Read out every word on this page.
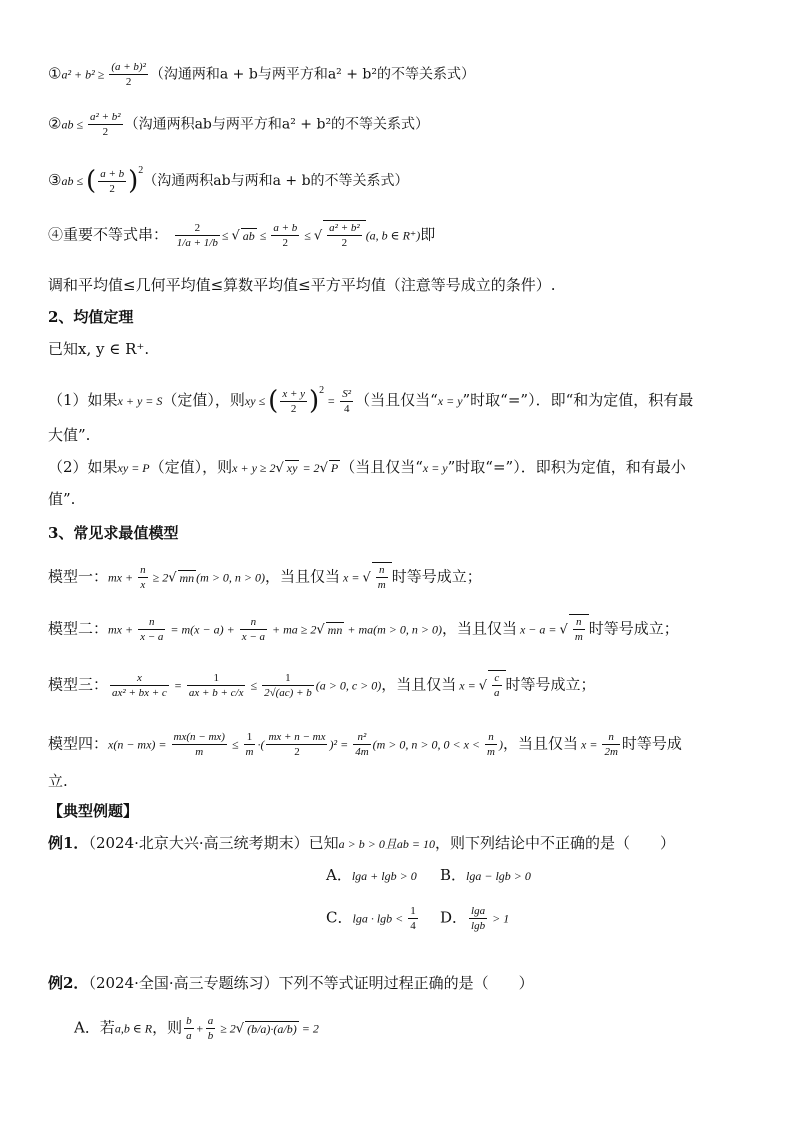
①a² + $b^2 \ge \frac{\text{(a + b)²}}{2}$ （沟通两和a + b与两平方和a² + b²的不等关系式）
②ab ≤ $\frac{\text{a² + b²}}{2}$ （沟通两积ab与两平方和a² + b²的不等关系式）
③ab ≤ ( $\frac{a + b}{2} )^2$（沟通两积ab与两和a + b的不等关系式）
④重要不等式串： $\frac{2}{1/a + 1/b}$ ≤ √ ab ≤ $\frac{a + b}{2}$ ≤ √ $\frac{\text{a² + b²}}{2} (a$, b ∈ R⁺)即
调和平均值≤几何平均值≤算数平均值≤平方平均值（注意等号成立的条件）.
2、均值定理
已知x, y ∈ R⁺.
（1）如果x + y = S（定值），则xy ≤ ( $\frac{x + y}{2} )^2 = \frac{\text{S²}}{4}$ （当且仅当“x = y”时取“=”）．即“和为定值，积有最
大值”.
（2）如果xy = P（定值），则x + y ≥ 2√ xy = 2√ P （当且仅当“x = y”时取“=”）．即积为定值，和有最小
值”.
3、常见求最值模型
模型一：mx + $\frac{n}{x} \ge 2√$ mn (m > 0, n > 0)，当且仅当 x = √ $\frac{n}{m}$ 时等号成立；
模型二：mx + $\frac{n}{x - a} = m(x - a) + \frac{n}{x - a}$ + ma ≥ 2√ mn + ma(m > 0, n > 0)，当且仅当 x − a = √ $\frac{n}{m}$ 时等号成立；
模型三： $\frac{x}{\text{ax² + bx + c}} = \frac{1}{ax + b + c/x} \le \frac{1}{2√(ac) + b} (a > 0$, c > 0)，当且仅当 x = √ $\frac{c}{a}$ 时等号成立；
模型四：$x(n - mx) = \frac{mx(n - mx)}{m} \le \frac{1}{m}$ ·( $\frac{mx + n - mx}{2} )^2 = \frac{\text{n²}}{4m} (m > 0$, n > 0, $0 < x < \frac{n}{m}$ )，当且仅当 $x = \frac{n}{2m}$ 时等号成
立.
【典型例题】
例1．（2024·北京大兴·高三统考期末）已知a > b > 0且ab = 10，则下列结论中不正确的是（　　）
A．lga + lgb > 0 B．lga − lgb > 0
C．$\lg a \cdot \lg b < \frac{1}{4}$ D． $\frac{\lg a}{\lg b} > 1$
例2．（2024·全国·高三专题练习）下列不等式证明过程正确的是（　　）
A．若a,b ∈ R，则 $\frac{b}{a} + \frac{a}{b} \ge 2√$ (b/a)·(a/b) = 2
